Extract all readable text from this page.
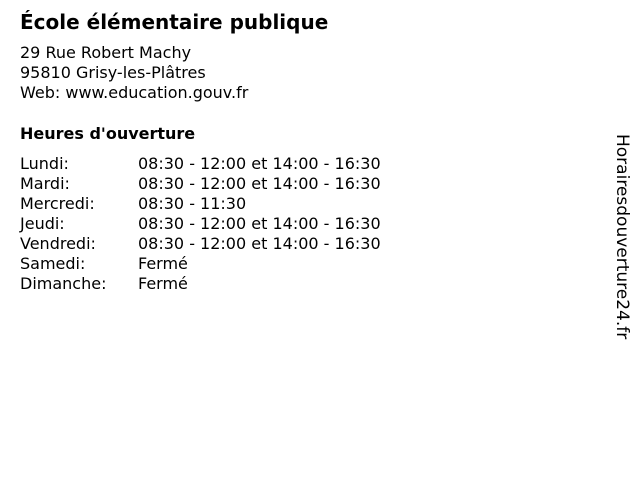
École élémentaire publique
29 Rue Robert Machy
95810 Grisy-les-Plâtres
Web: www.education.gouv.fr
Heures d'ouverture
Lundi:	08:30 - 12:00 et 14:00 - 16:30
Mardi:	08:30 - 12:00 et 14:00 - 16:30
Mercredi:	08:30 - 11:30
Jeudi:	08:30 - 12:00 et 14:00 - 16:30
Vendredi:	08:30 - 12:00 et 14:00 - 16:30
Samedi:	Fermé
Dimanche:	Fermé	Horairesdouverture24.fr
